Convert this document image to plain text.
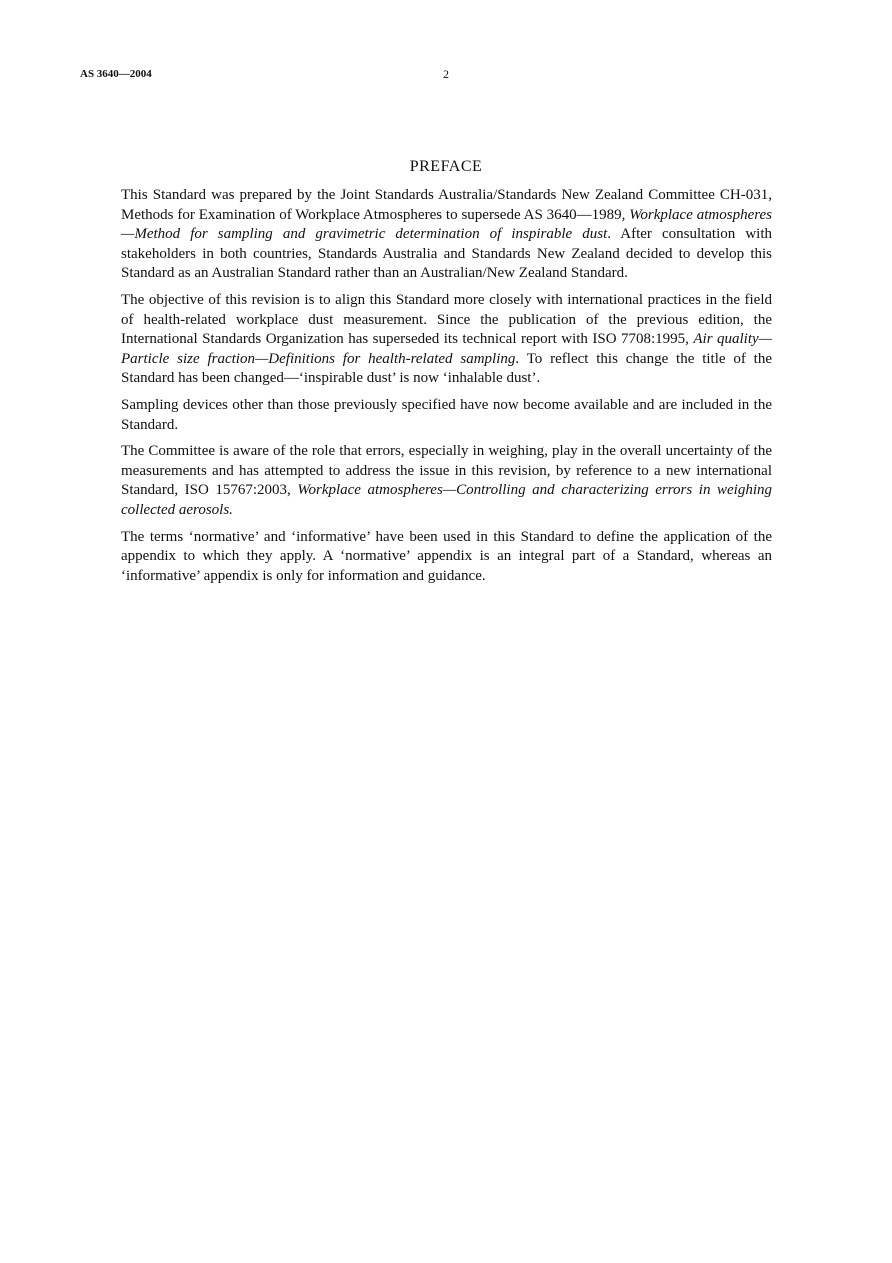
AS 3640—2004	2
PREFACE

This Standard was prepared by the Joint Standards Australia/Standards New Zealand Committee CH-031, Methods for Examination of Workplace Atmospheres to supersede AS 3640—1989, Workplace atmospheres—Method for sampling and gravimetric determination of inspirable dust. After consultation with stakeholders in both countries, Standards Australia and Standards New Zealand decided to develop this Standard as an Australian Standard rather than an Australian/New Zealand Standard.

The objective of this revision is to align this Standard more closely with international practices in the field of health-related workplace dust measurement. Since the publication of the previous edition, the International Standards Organization has superseded its technical report with ISO 7708:1995, Air quality—Particle size fraction—Definitions for health-related sampling. To reflect this change the title of the Standard has been changed—‘inspirable dust’ is now ‘inhalable dust’.

Sampling devices other than those previously specified have now become available and are included in the Standard.

The Committee is aware of the role that errors, especially in weighing, play in the overall uncertainty of the measurements and has attempted to address the issue in this revision, by reference to a new international Standard, ISO 15767:2003, Workplace atmospheres—Controlling and characterizing errors in weighing collected aerosols.

The terms ‘normative’ and ‘informative’ have been used in this Standard to define the application of the appendix to which they apply. A ‘normative’ appendix is an integral part of a Standard, whereas an ‘informative’ appendix is only for information and guidance.
